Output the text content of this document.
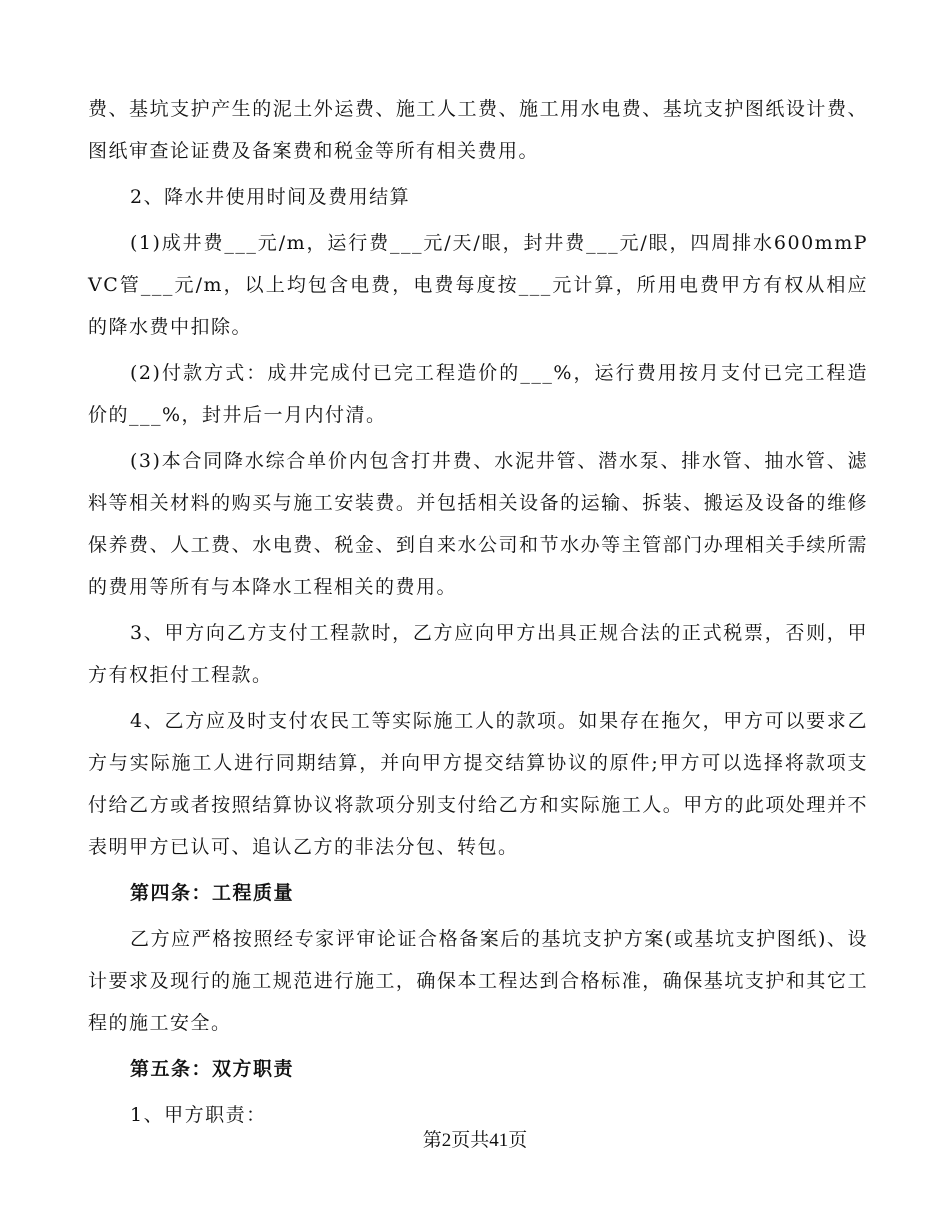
费、基坑支护产生的泥土外运费、施工人工费、施工用水电费、基坑支护图纸设计费、图纸审查论证费及备案费和税金等所有相关费用。

2、降水井使用时间及费用结算

(1)成井费___元/m，运行费___元/天/眼，封井费___元/眼，四周排水600mmPVC管___元/m，以上均包含电费，电费每度按___元计算，所用电费甲方有权从相应的降水费中扣除。

(2)付款方式：成井完成付已完工程造价的___%，运行费用按月支付已完工程造价的___%，封井后一月内付清。

(3)本合同降水综合单价内包含打井费、水泥井管、潜水泵、排水管、抽水管、滤料等相关材料的购买与施工安装费。并包括相关设备的运输、拆装、搬运及设备的维修保养费、人工费、水电费、税金、到自来水公司和节水办等主管部门办理相关手续所需的费用等所有与本降水工程相关的费用。

3、甲方向乙方支付工程款时，乙方应向甲方出具正规合法的正式税票，否则，甲方有权拒付工程款。

4、乙方应及时支付农民工等实际施工人的款项。如果存在拖欠，甲方可以要求乙方与实际施工人进行同期结算，并向甲方提交结算协议的原件;甲方可以选择将款项支付给乙方或者按照结算协议将款项分别支付给乙方和实际施工人。甲方的此项处理并不表明甲方已认可、追认乙方的非法分包、转包。

第四条：工程质量

乙方应严格按照经专家评审论证合格备案后的基坑支护方案(或基坑支护图纸)、设计要求及现行的施工规范进行施工，确保本工程达到合格标准，确保基坑支护和其它工程的施工安全。

第五条：双方职责

1、甲方职责：

第2页共41页
